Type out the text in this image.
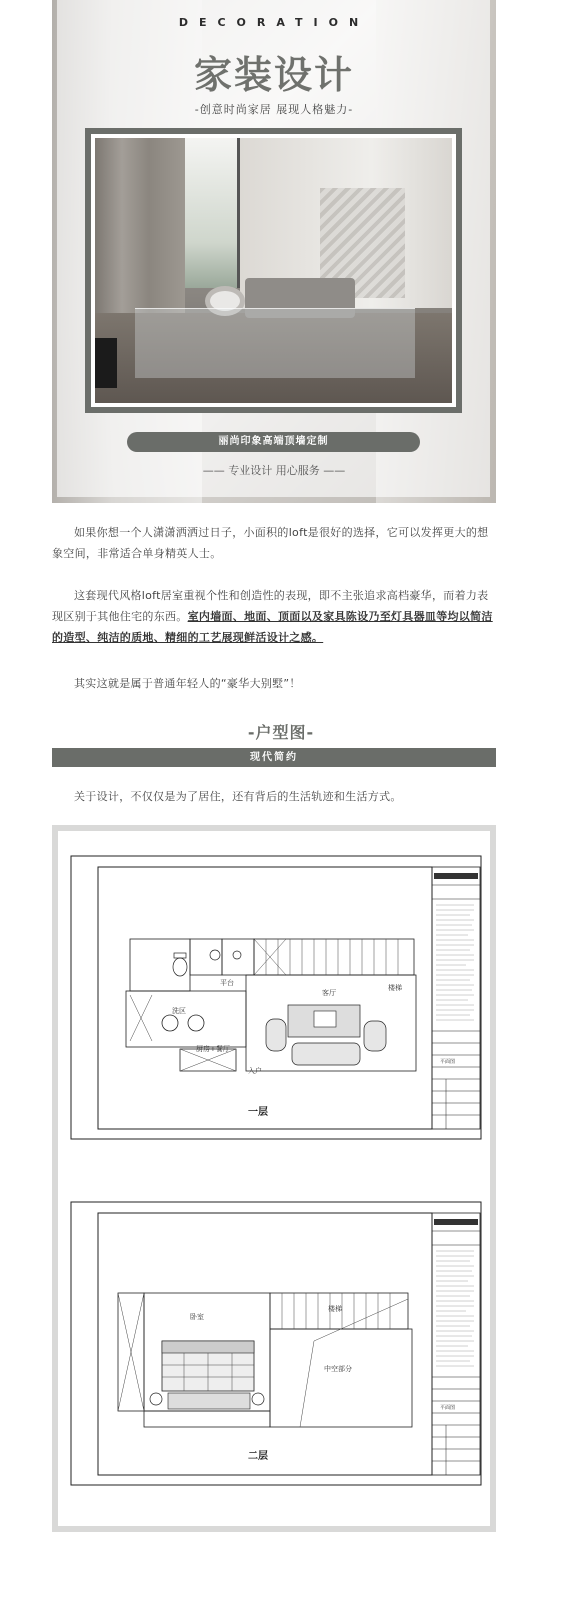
DECORATION
家装设计
-创意时尚家居 展现人格魅力-
丽尚印象高端顶墙定制
—— 专业设计 用心服务 ——

如果你想一个人潇潇洒洒过日子，小面积的loft是很好的选择，它可以发挥更大的想象空间，非常适合单身精英人士。

这套现代风格loft居室重视个性和创造性的表现，即不主张追求高档豪华，而着力表现区别于其他住宅的东西。室内墙面、地面、顶面以及家具陈设乃至灯具器皿等均以简洁的造型、纯洁的质地、精细的工艺展现鲜活设计之感。

其实这就是属于普通年轻人的“豪华大别墅”！

-户型图-
现代简约

关于设计，不仅仅是为了居住，还有背后的生活轨迹和生活方式。

平面图
洗区
平台
客厅
楼梯
厨房+餐厅
入户
一层
平面图
卧室
楼梯
中空部分
二层
